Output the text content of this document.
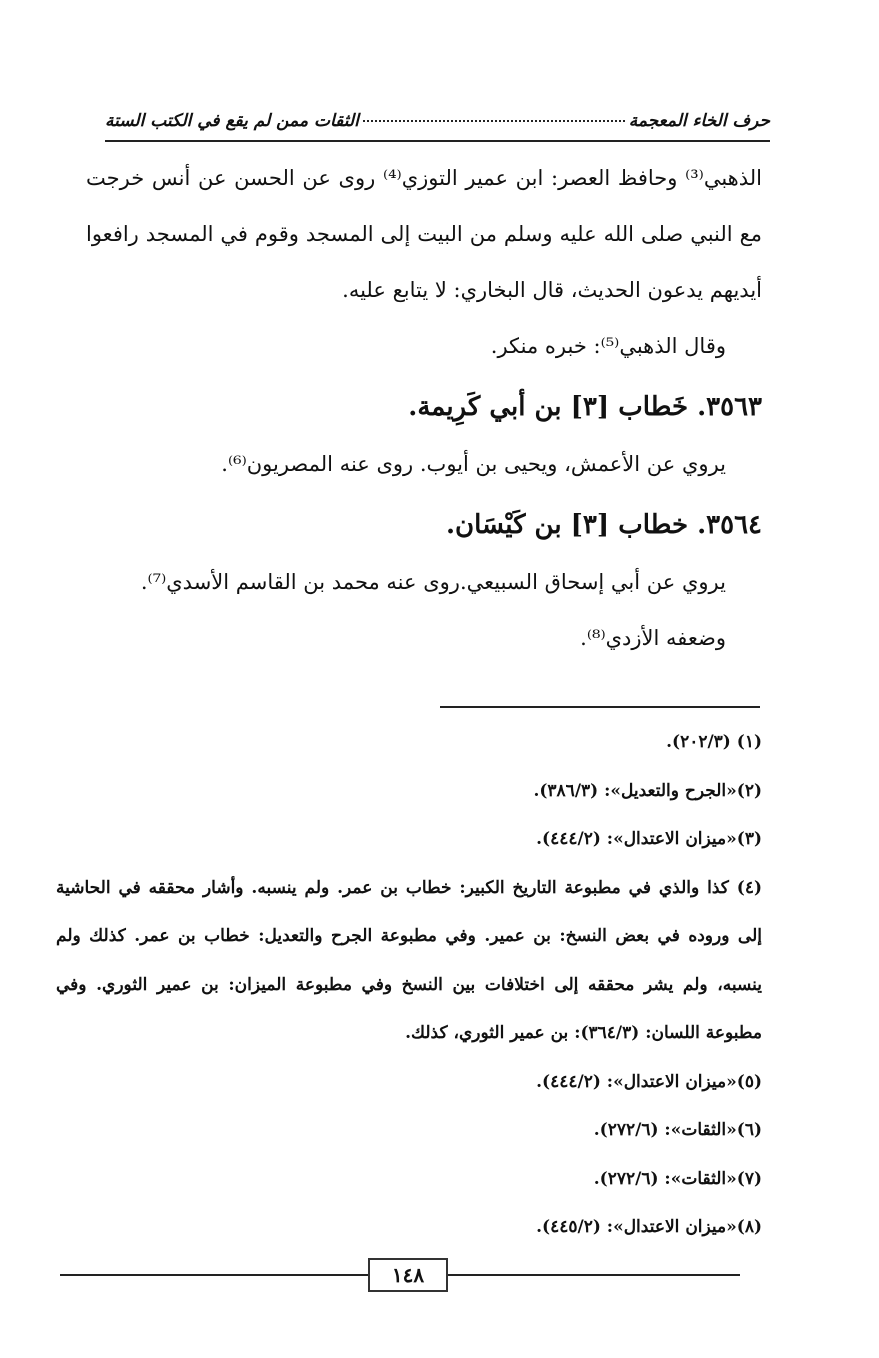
حرف الخاء المعجمة
الثقات ممن لم يقع في الكتب الستة

الذهبي⁽³⁾ وحافظ العصر: ابن عمير التوزي⁽⁴⁾ روى عن الحسن عن أنس خرجت مع النبي صلى الله عليه وسلم من البيت إلى المسجد وقوم في المسجد رافعوا أيديهم يدعون الحديث، قال البخاري: لا يتابع عليه.

وقال الذهبي⁽⁵⁾: خبره منكر.

٣٥٦٣. خَطاب [٣] بن أبي كَرِيمة.

يروي عن الأعمش، ويحيى بن أيوب. روى عنه المصريون⁽⁶⁾.

٣٥٦٤. خطاب [٣] بن كَيْسَان.

يروي عن أبي إسحاق السبيعي.روى عنه محمد بن القاسم الأسدي⁽⁷⁾.

وضعفه الأزدي⁽⁸⁾.

(١) (٢٠٢/٣).

(٢)«الجرح والتعديل»: (٣٨٦/٣).

(٣)«ميزان الاعتدال»: (٤٤٤/٢).

(٤) كذا والذي في مطبوعة التاريخ الكبير: خطاب بن عمر. ولم ينسبه. وأشار محققه في الحاشية إلى وروده في بعض النسخ: بن عمير. وفي مطبوعة الجرح والتعديل: خطاب بن عمر. كذلك ولم ينسبه، ولم يشر محققه إلى اختلافات بين النسخ وفي مطبوعة الميزان: بن عمير الثوري. وفي مطبوعة اللسان: (٣٦٤/٣): بن عمير الثوري، كذلك.

(٥)«ميزان الاعتدال»: (٤٤٤/٢).

(٦)«الثقات»: (٢٧٢/٦).

(٧)«الثقات»: (٢٧٢/٦).

(٨)«ميزان الاعتدال»: (٤٤٥/٢).

١٤٨
